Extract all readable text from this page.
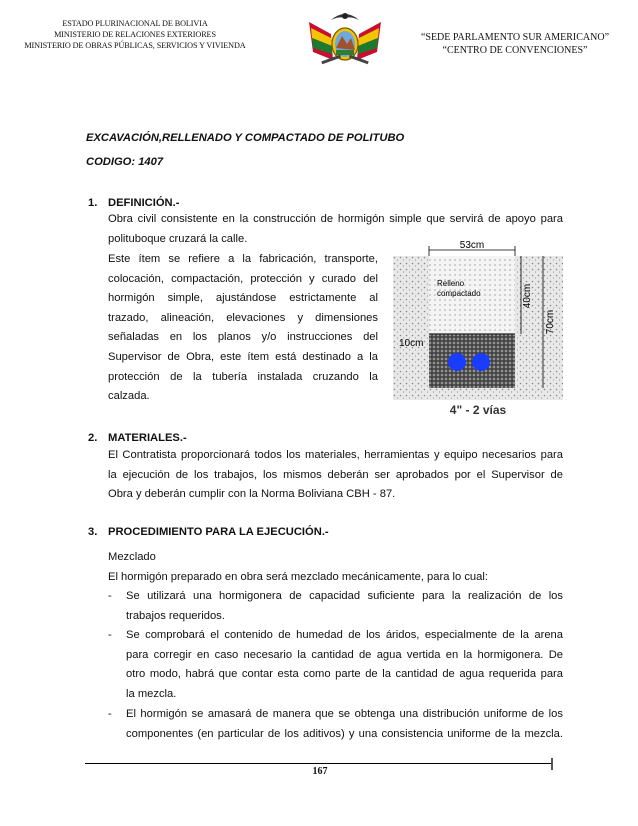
ESTADO PLURINACIONAL DE BOLIVIA
MINISTERIO DE RELACIONES EXTERIORES
MINISTERIO DE OBRAS PÚBLICAS, SERVICIOS Y VIVIENDA
“SEDE PARLAMENTO SUR AMERICANO”
“CENTRO DE CONVENCIONES”
EXCAVACIÓN,RELLENADO Y COMPACTADO DE POLITUBO
CODIGO: 1407
1. DEFINICIÓN.-
Obra civil consistente en la construcción de hormigón simple que servirá de apoyo para
polituboque cruzará la calle.
Este ítem se refiere a la fabricación, transporte,
colocación, compactación, protección y curado del
hormigón simple, ajustándose estrictamente al
trazado, alineación, elevaciones y dimensiones
señaladas en los planos y/o instrucciones del
Supervisor de Obra, este ítem está destinado a la
protección de la tubería instalada cruzando la
calzada.
53cm
40cm
70cm
10cm
Relleno
compactado
4" - 2 vías
2. MATERIALES.-
El Contratista proporcionará todos los materiales, herramientas y equipo necesarios para
la ejecución de los trabajos, los mismos deberán ser aprobados por el Supervisor de
Obra y deberán cumplir con la Norma Boliviana CBH - 87.
3. PROCEDIMIENTO PARA LA EJECUCIÓN.-
Mezclado
El hormigón preparado en obra será mezclado mecánicamente, para lo cual:
- Se utilizará una hormigonera de capacidad suficiente para la realización de los
trabajos requeridos.
- Se comprobará el contenido de humedad de los áridos, especialmente de la arena
para corregir en caso necesario la cantidad de agua vertida en la hormigonera. De
otro modo, habrá que contar esta como parte de la cantidad de agua requerida para
la mezcla.
- El hormigón se amasará de manera que se obtenga una distribución uniforme de los
componentes (en particular de los aditivos) y una consistencia uniforme de la mezcla.
167
